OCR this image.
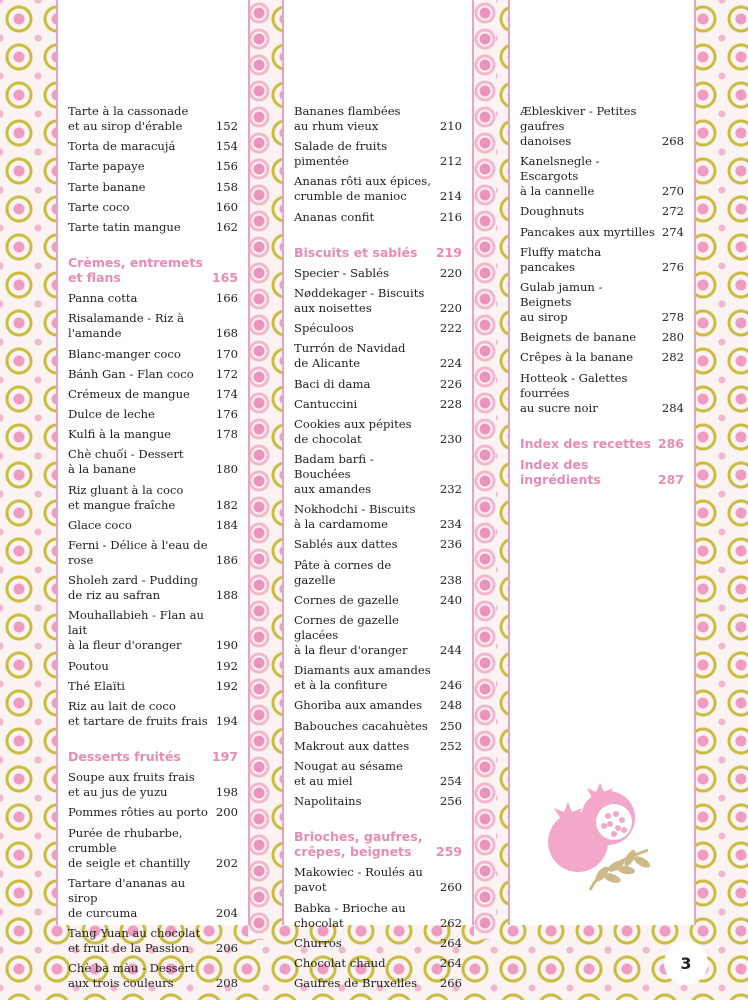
Tarte à la cassonade
et au sirop d'érable	152
Torta de maracujá	154
Tarte papaye	156
Tarte banane	158
Tarte coco	160
Tarte tatin mangue	162
Crèmes, entremets
et flans	165
Panna cotta	166
Risalamande - Riz à l'amande	168
Blanc-manger coco	170
Bánh Gan - Flan coco	172
Crémeux de mangue	174
Dulce de leche	176
Kulfi à la mangue	178
Chè chuối - Dessert
à la banane	180
Riz gluant à la coco
et mangue fraîche	182
Glace coco	184
Ferni - Délice à l'eau de rose	186
Sholeh zard - Pudding
de riz au safran	188
Mouhallabieh - Flan au lait
à la fleur d'oranger	190
Poutou	192
Thé Elaïti	192
Riz au lait de coco
et tartare de fruits frais 194
Desserts fruités	197
Soupe aux fruits frais
et au jus de yuzu	198
Pommes rôties au porto 200
Purée de rhubarbe, crumble
de seigle et chantilly	202
Tartare d'ananas au sirop
de curcuma	204
Tang Yuan au chocolat
et fruit de la Passion	206
Chè ba màu - Dessert
aux trois couleurs	208
Bananes flambées
au rhum vieux	210
Salade de fruits pimentée	212
Ananas rôti aux épices,
crumble de manioc	214
Ananas confit	216
Biscuits et sablés	219
Specier - Sablés	220
Nøddekager - Biscuits
aux noisettes	220
Spéculoos	222
Turrón de Navidad
de Alicante	224
Baci di dama	226
Cantuccini	228
Cookies aux pépites
de chocolat	230
Badam barfi - Bouchées
aux amandes	232
Nokhodchi - Biscuits
à la cardamome	234
Sablés aux dattes	236
Pâte à cornes de gazelle	238
Cornes de gazelle	240
Cornes de gazelle glacées
à la fleur d'oranger	244
Diamants aux amandes
et à la confiture	246
Ghoriba aux amandes	248
Babouches cacahuètes	250
Makrout aux dattes	252
Nougat au sésame
et au miel	254
Napolitains	256
Brioches, gaufres,
crêpes, beignets	259
Makowiec - Roulés au pavot	260
Babka - Brioche au chocolat	262
Churros	264
Chocolat chaud	264
Gaufres de Bruxelles	266
Æbleskiver - Petites gaufres
danoises	268
Kanelsnegle - Escargots
à la cannelle	270
Doughnuts	272
Pancakes aux myrtilles 274
Fluffy matcha pancakes	276
Gulab jamun - Beignets
au sirop	278
Beignets de banane	280
Crêpes à la banane	282
Hotteok - Galettes fourrées
au sucre noir	284
Index des recettes 286
Index des ingrédients	287
3
